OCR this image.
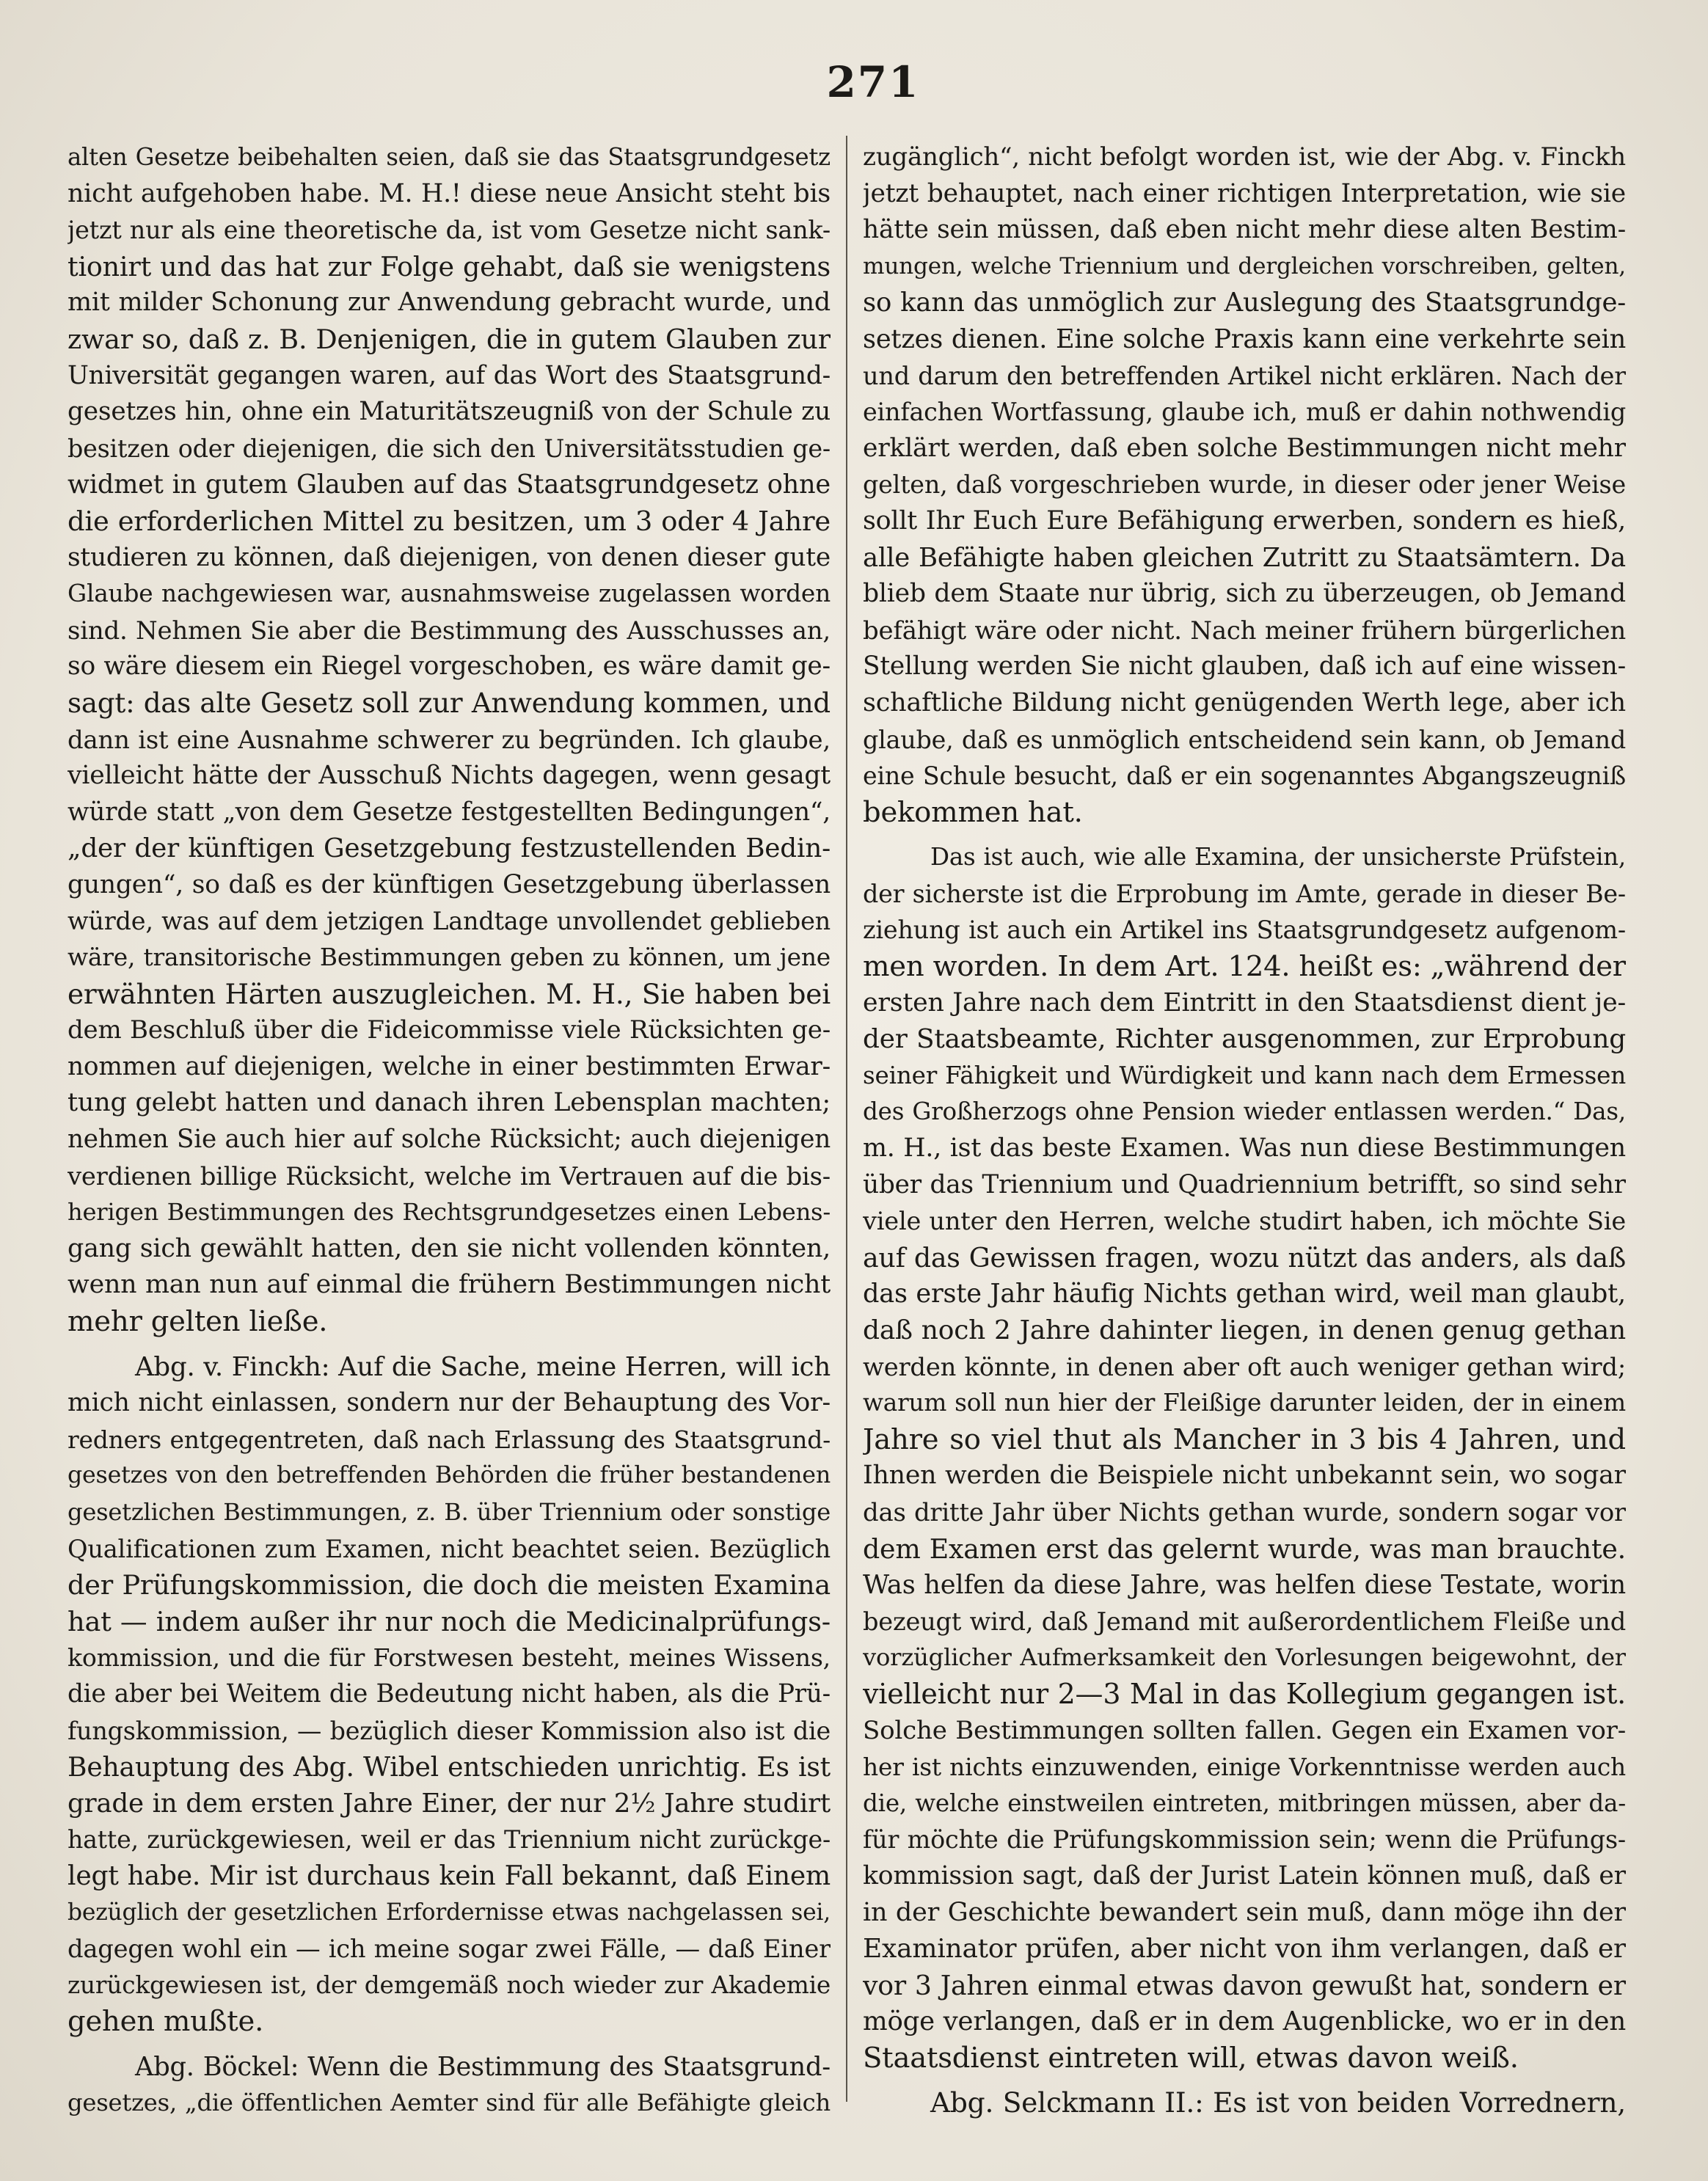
271
alten Gesetze beibehalten seien, daß sie das Staatsgrundgesetz
nicht aufgehoben habe. M. H.! diese neue Ansicht steht bis
jetzt nur als eine theoretische da, ist vom Gesetze nicht sank-
tionirt und das hat zur Folge gehabt, daß sie wenigstens
mit milder Schonung zur Anwendung gebracht wurde, und
zwar so, daß z. B. Denjenigen, die in gutem Glauben zur
Universität gegangen waren, auf das Wort des Staatsgrund-
gesetzes hin, ohne ein Maturitätszeugniß von der Schule zu
besitzen oder diejenigen, die sich den Universitätsstudien ge-
widmet in gutem Glauben auf das Staatsgrundgesetz ohne
die erforderlichen Mittel zu besitzen, um 3 oder 4 Jahre
studieren zu können, daß diejenigen, von denen dieser gute
Glaube nachgewiesen war, ausnahmsweise zugelassen worden
sind. Nehmen Sie aber die Bestimmung des Ausschusses an,
so wäre diesem ein Riegel vorgeschoben, es wäre damit ge-
sagt: das alte Gesetz soll zur Anwendung kommen, und
dann ist eine Ausnahme schwerer zu begründen. Ich glaube,
vielleicht hätte der Ausschuß Nichts dagegen, wenn gesagt
würde statt „von dem Gesetze festgestellten Bedingungen“,
„der der künftigen Gesetzgebung festzustellenden Bedin-
gungen“, so daß es der künftigen Gesetzgebung überlassen
würde, was auf dem jetzigen Landtage unvollendet geblieben
wäre, transitorische Bestimmungen geben zu können, um jene
erwähnten Härten auszugleichen. M. H., Sie haben bei
dem Beschluß über die Fideicommisse viele Rücksichten ge-
nommen auf diejenigen, welche in einer bestimmten Erwar-
tung gelebt hatten und danach ihren Lebensplan machten;
nehmen Sie auch hier auf solche Rücksicht; auch diejenigen
verdienen billige Rücksicht, welche im Vertrauen auf die bis-
herigen Bestimmungen des Rechtsgrundgesetzes einen Lebens-
gang sich gewählt hatten, den sie nicht vollenden könnten,
wenn man nun auf einmal die frühern Bestimmungen nicht
mehr gelten ließe.
Abg. v. Finckh: Auf die Sache, meine Herren, will ich
mich nicht einlassen, sondern nur der Behauptung des Vor-
redners entgegentreten, daß nach Erlassung des Staatsgrund-
gesetzes von den betreffenden Behörden die früher bestandenen
gesetzlichen Bestimmungen, z. B. über Triennium oder sonstige
Qualificationen zum Examen, nicht beachtet seien. Bezüglich
der Prüfungskommission, die doch die meisten Examina
hat — indem außer ihr nur noch die Medicinalprüfungs-
kommission, und die für Forstwesen besteht, meines Wissens,
die aber bei Weitem die Bedeutung nicht haben, als die Prü-
fungskommission, — bezüglich dieser Kommission also ist die
Behauptung des Abg. Wibel entschieden unrichtig. Es ist
grade in dem ersten Jahre Einer, der nur 2½ Jahre studirt
hatte, zurückgewiesen, weil er das Triennium nicht zurückge-
legt habe. Mir ist durchaus kein Fall bekannt, daß Einem
bezüglich der gesetzlichen Erfordernisse etwas nachgelassen sei,
dagegen wohl ein — ich meine sogar zwei Fälle, — daß Einer
zurückgewiesen ist, der demgemäß noch wieder zur Akademie
gehen mußte.
Abg. Böckel: Wenn die Bestimmung des Staatsgrund-
gesetzes, „die öffentlichen Aemter sind für alle Befähigte gleich
zugänglich“, nicht befolgt worden ist, wie der Abg. v. Finckh
jetzt behauptet, nach einer richtigen Interpretation, wie sie
hätte sein müssen, daß eben nicht mehr diese alten Bestim-
mungen, welche Triennium und dergleichen vorschreiben, gelten,
so kann das unmöglich zur Auslegung des Staatsgrundge-
setzes dienen. Eine solche Praxis kann eine verkehrte sein
und darum den betreffenden Artikel nicht erklären. Nach der
einfachen Wortfassung, glaube ich, muß er dahin nothwendig
erklärt werden, daß eben solche Bestimmungen nicht mehr
gelten, daß vorgeschrieben wurde, in dieser oder jener Weise
sollt Ihr Euch Eure Befähigung erwerben, sondern es hieß,
alle Befähigte haben gleichen Zutritt zu Staatsämtern. Da
blieb dem Staate nur übrig, sich zu überzeugen, ob Jemand
befähigt wäre oder nicht. Nach meiner frühern bürgerlichen
Stellung werden Sie nicht glauben, daß ich auf eine wissen-
schaftliche Bildung nicht genügenden Werth lege, aber ich
glaube, daß es unmöglich entscheidend sein kann, ob Jemand
eine Schule besucht, daß er ein sogenanntes Abgangszeugniß
bekommen hat.
Das ist auch, wie alle Examina, der unsicherste Prüfstein,
der sicherste ist die Erprobung im Amte, gerade in dieser Be-
ziehung ist auch ein Artikel ins Staatsgrundgesetz aufgenom-
men worden. In dem Art. 124. heißt es: „während der
ersten Jahre nach dem Eintritt in den Staatsdienst dient je-
der Staatsbeamte, Richter ausgenommen, zur Erprobung
seiner Fähigkeit und Würdigkeit und kann nach dem Ermessen
des Großherzogs ohne Pension wieder entlassen werden.“ Das,
m. H., ist das beste Examen. Was nun diese Bestimmungen
über das Triennium und Quadriennium betrifft, so sind sehr
viele unter den Herren, welche studirt haben, ich möchte Sie
auf das Gewissen fragen, wozu nützt das anders, als daß
das erste Jahr häufig Nichts gethan wird, weil man glaubt,
daß noch 2 Jahre dahinter liegen, in denen genug gethan
werden könnte, in denen aber oft auch weniger gethan wird;
warum soll nun hier der Fleißige darunter leiden, der in einem
Jahre so viel thut als Mancher in 3 bis 4 Jahren, und
Ihnen werden die Beispiele nicht unbekannt sein, wo sogar
das dritte Jahr über Nichts gethan wurde, sondern sogar vor
dem Examen erst das gelernt wurde, was man brauchte.
Was helfen da diese Jahre, was helfen diese Testate, worin
bezeugt wird, daß Jemand mit außerordentlichem Fleiße und
vorzüglicher Aufmerksamkeit den Vorlesungen beigewohnt, der
vielleicht nur 2—3 Mal in das Kollegium gegangen ist.
Solche Bestimmungen sollten fallen. Gegen ein Examen vor-
her ist nichts einzuwenden, einige Vorkenntnisse werden auch
die, welche einstweilen eintreten, mitbringen müssen, aber da-
für möchte die Prüfungskommission sein; wenn die Prüfungs-
kommission sagt, daß der Jurist Latein können muß, daß er
in der Geschichte bewandert sein muß, dann möge ihn der
Examinator prüfen, aber nicht von ihm verlangen, daß er
vor 3 Jahren einmal etwas davon gewußt hat, sondern er
möge verlangen, daß er in dem Augenblicke, wo er in den
Staatsdienst eintreten will, etwas davon weiß.
Abg. Selckmann II.: Es ist von beiden Vorrednern,
